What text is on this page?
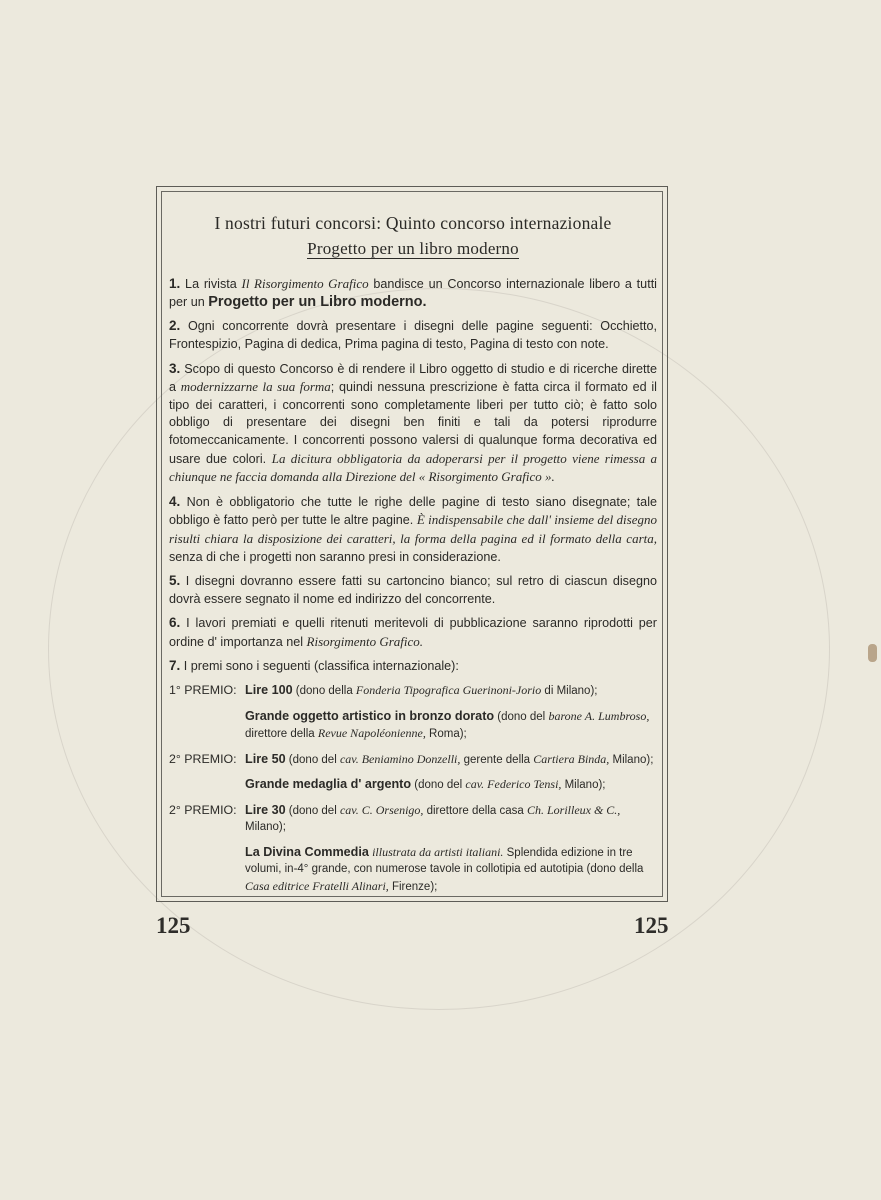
I nostri futuri concorsi: Quinto concorso internazionale
Progetto per un libro moderno

1. La rivista Il Risorgimento Grafico bandisce un Concorso internazionale libero a tutti per un Progetto per un Libro moderno.

2. Ogni concorrente dovrà presentare i disegni delle pagine seguenti: Occhietto, Frontespizio, Pagina di dedica, Prima pagina di testo, Pagina di testo con note.

3. Scopo di questo Concorso è di rendere il Libro oggetto di studio e di ricerche dirette a modernizzarne la sua forma; quindi nessuna prescrizione è fatta circa il formato ed il tipo dei caratteri, i concorrenti sono completamente liberi per tutto ciò; è fatto solo obbligo di presentare dei disegni ben finiti e tali da potersi riprodurre fotomeccanicamente. I concorrenti possono valersi di qualunque forma decorativa ed usare due colori. La dicitura obbligatoria da adoperarsi per il progetto viene rimessa a chiunque ne faccia domanda alla Direzione del « Risorgimento Grafico ».

4. Non è obbligatorio che tutte le righe delle pagine di testo siano disegnate; tale obbligo è fatto però per tutte le altre pagine. È indispensabile che dall' insieme del disegno risulti chiara la disposizione dei caratteri, la forma della pagina ed il formato della carta, senza di che i progetti non saranno presi in considerazione.

5. I disegni dovranno essere fatti su cartoncino bianco; sul retro di ciascun disegno dovrà essere segnato il nome ed indirizzo del concorrente.

6. I lavori premiati e quelli ritenuti meritevoli di pubblicazione saranno riprodotti per ordine d' importanza nel Risorgimento Grafico.

7. I premi sono i seguenti (classifica internazionale):

1° PREMIO: Lire 100 (dono della Fonderia Tipografica Guerinoni-Jorio di Milano);
Grande oggetto artistico in bronzo dorato (dono del barone A. Lumbroso, direttore della Revue Napoléonienne, Roma);
2° PREMIO: Lire 50 (dono del cav. Beniamino Donzelli, gerente della Cartiera Binda, Milano);
Grande medaglia d' argento (dono del cav. Federico Tensi, Milano);
2° PREMIO: Lire 30 (dono del cav. C. Orsenigo, direttore della casa Ch. Lorilleux & C., Milano);
La Divina Commedia illustrata da artisti italiani. Splendida edizione in tre volumi, in-4° grande, con numerose tavole in collotipia ed autotipia (dono della Casa editrice Fratelli Alinari, Firenze);
125	125
